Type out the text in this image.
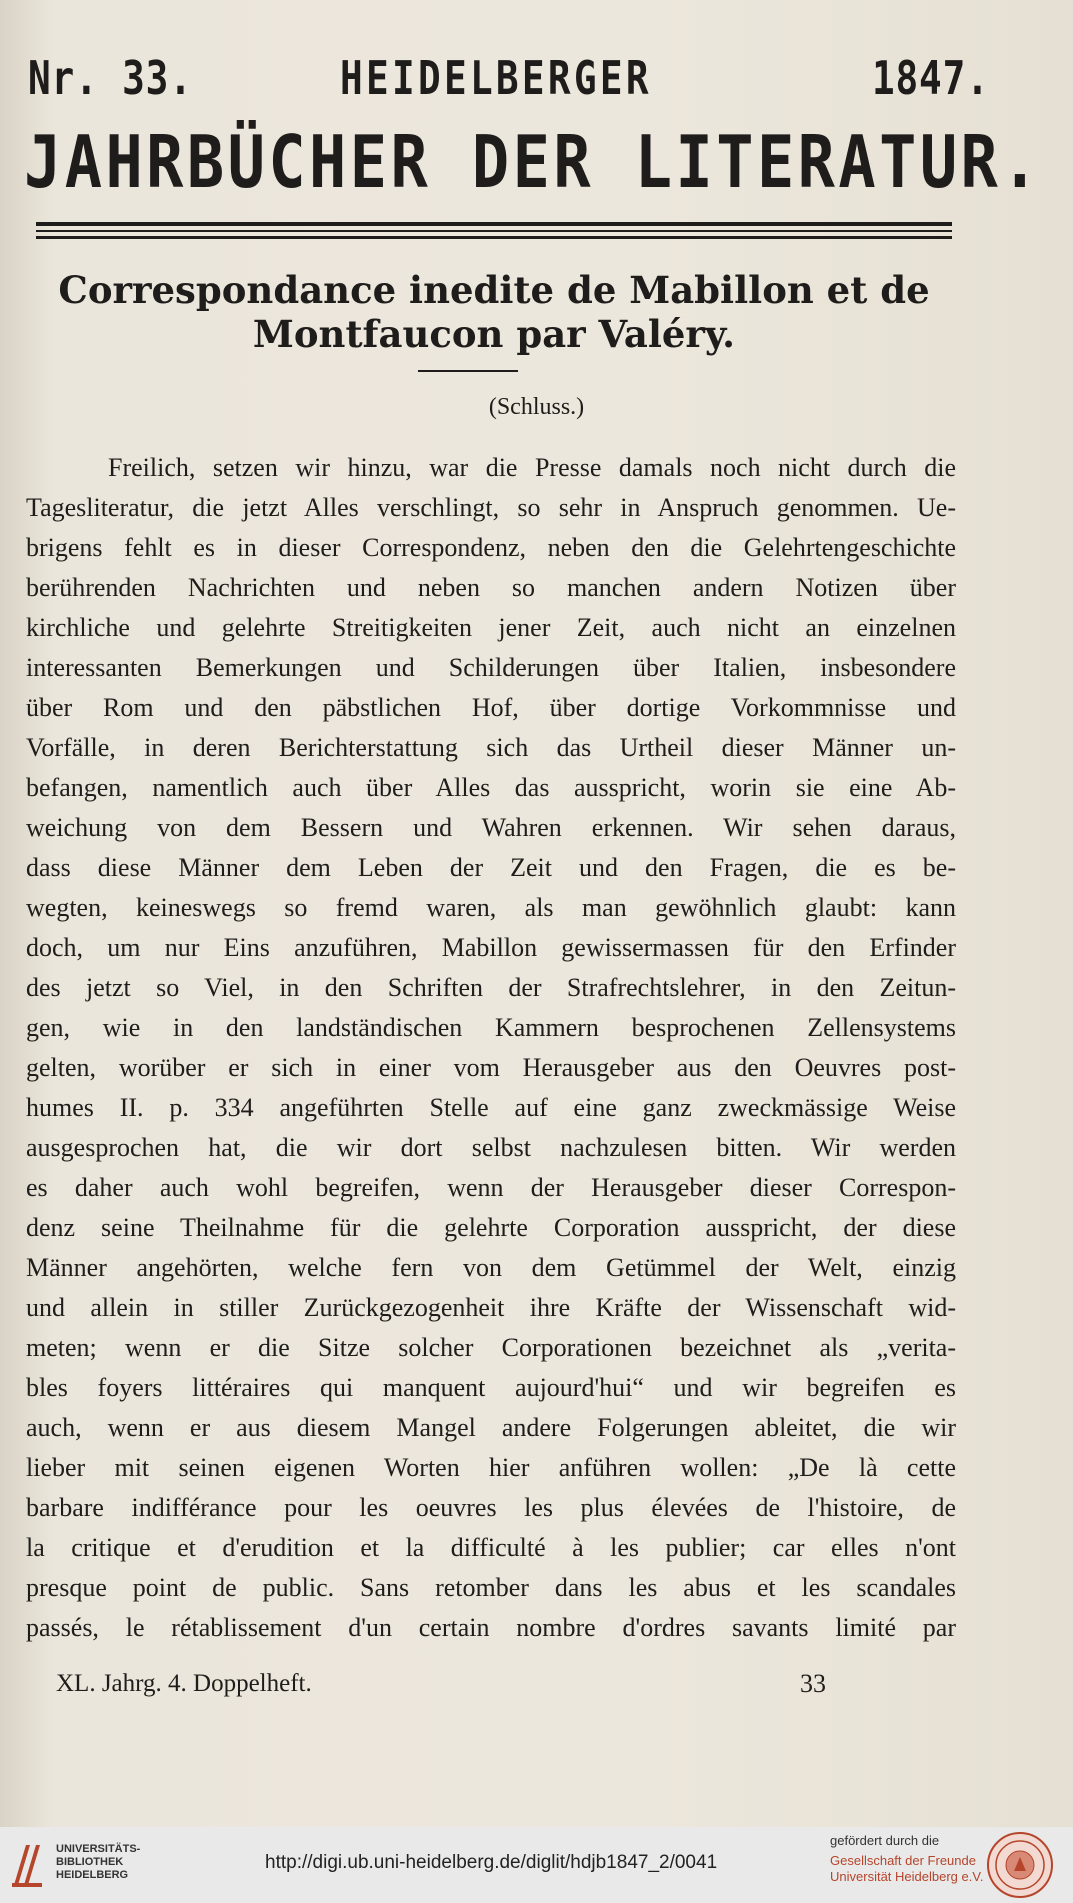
Nr. 33.	HEIDELBERGER	1847.
JAHRBÜCHER DER LITERATUR.
Correspondance inedite de Mabillon et de
Montfaucon par Valéry.
(Schluss.)
Freilich, setzen wir hinzu, war die Presse damals noch nicht durch die
Tagesliteratur, die jetzt Alles verschlingt, so sehr in Anspruch genommen. Ue-
brigens fehlt es in dieser Correspondenz, neben den die Gelehrtengeschichte
berührenden Nachrichten und neben so manchen andern Notizen über
kirchliche und gelehrte Streitigkeiten jener Zeit, auch nicht an einzelnen
interessanten Bemerkungen und Schilderungen über Italien, insbesondere
über Rom und den päbstlichen Hof, über dortige Vorkommnisse und
Vorfälle, in deren Berichterstattung sich das Urtheil dieser Männer un-
befangen, namentlich auch über Alles das ausspricht, worin sie eine Ab-
weichung von dem Bessern und Wahren erkennen. Wir sehen daraus,
dass diese Männer dem Leben der Zeit und den Fragen, die es be-
wegten, keineswegs so fremd waren, als man gewöhnlich glaubt: kann
doch, um nur Eins anzuführen, Mabillon gewissermassen für den Erfinder
des jetzt so Viel, in den Schriften der Strafrechtslehrer, in den Zeitun-
gen, wie in den landständischen Kammern besprochenen Zellensystems
gelten, worüber er sich in einer vom Herausgeber aus den Oeuvres post-
humes II. p. 334 angeführten Stelle auf eine ganz zweckmässige Weise
ausgesprochen hat, die wir dort selbst nachzulesen bitten. Wir werden
es daher auch wohl begreifen, wenn der Herausgeber dieser Correspon-
denz seine Theilnahme für die gelehrte Corporation ausspricht, der diese
Männer angehörten, welche fern von dem Getümmel der Welt, einzig
und allein in stiller Zurückgezogenheit ihre Kräfte der Wissenschaft wid-
meten; wenn er die Sitze solcher Corporationen bezeichnet als „verita-
bles foyers littéraires qui manquent aujourd'hui“ und wir begreifen es
auch, wenn er aus diesem Mangel andere Folgerungen ableitet, die wir
lieber mit seinen eigenen Worten hier anführen wollen: „De là cette
barbare indifférance pour les oeuvres les plus élevées de l'histoire, de
la critique et d'erudition et la difficulté à les publier; car elles n'ont
presque point de public. Sans retomber dans les abus et les scandales
passés, le rétablissement d'un certain nombre d'ordres savants limité par
XL. Jahrg. 4. Doppelheft.	33
UNIVERSITÄTS-
BIBLIOTHEK
HEIDELBERG
http://digi.ub.uni-heidelberg.de/diglit/hdjb1847_2/0041
gefördert durch die
Gesellschaft der Freunde
Universität Heidelberg e.V.
